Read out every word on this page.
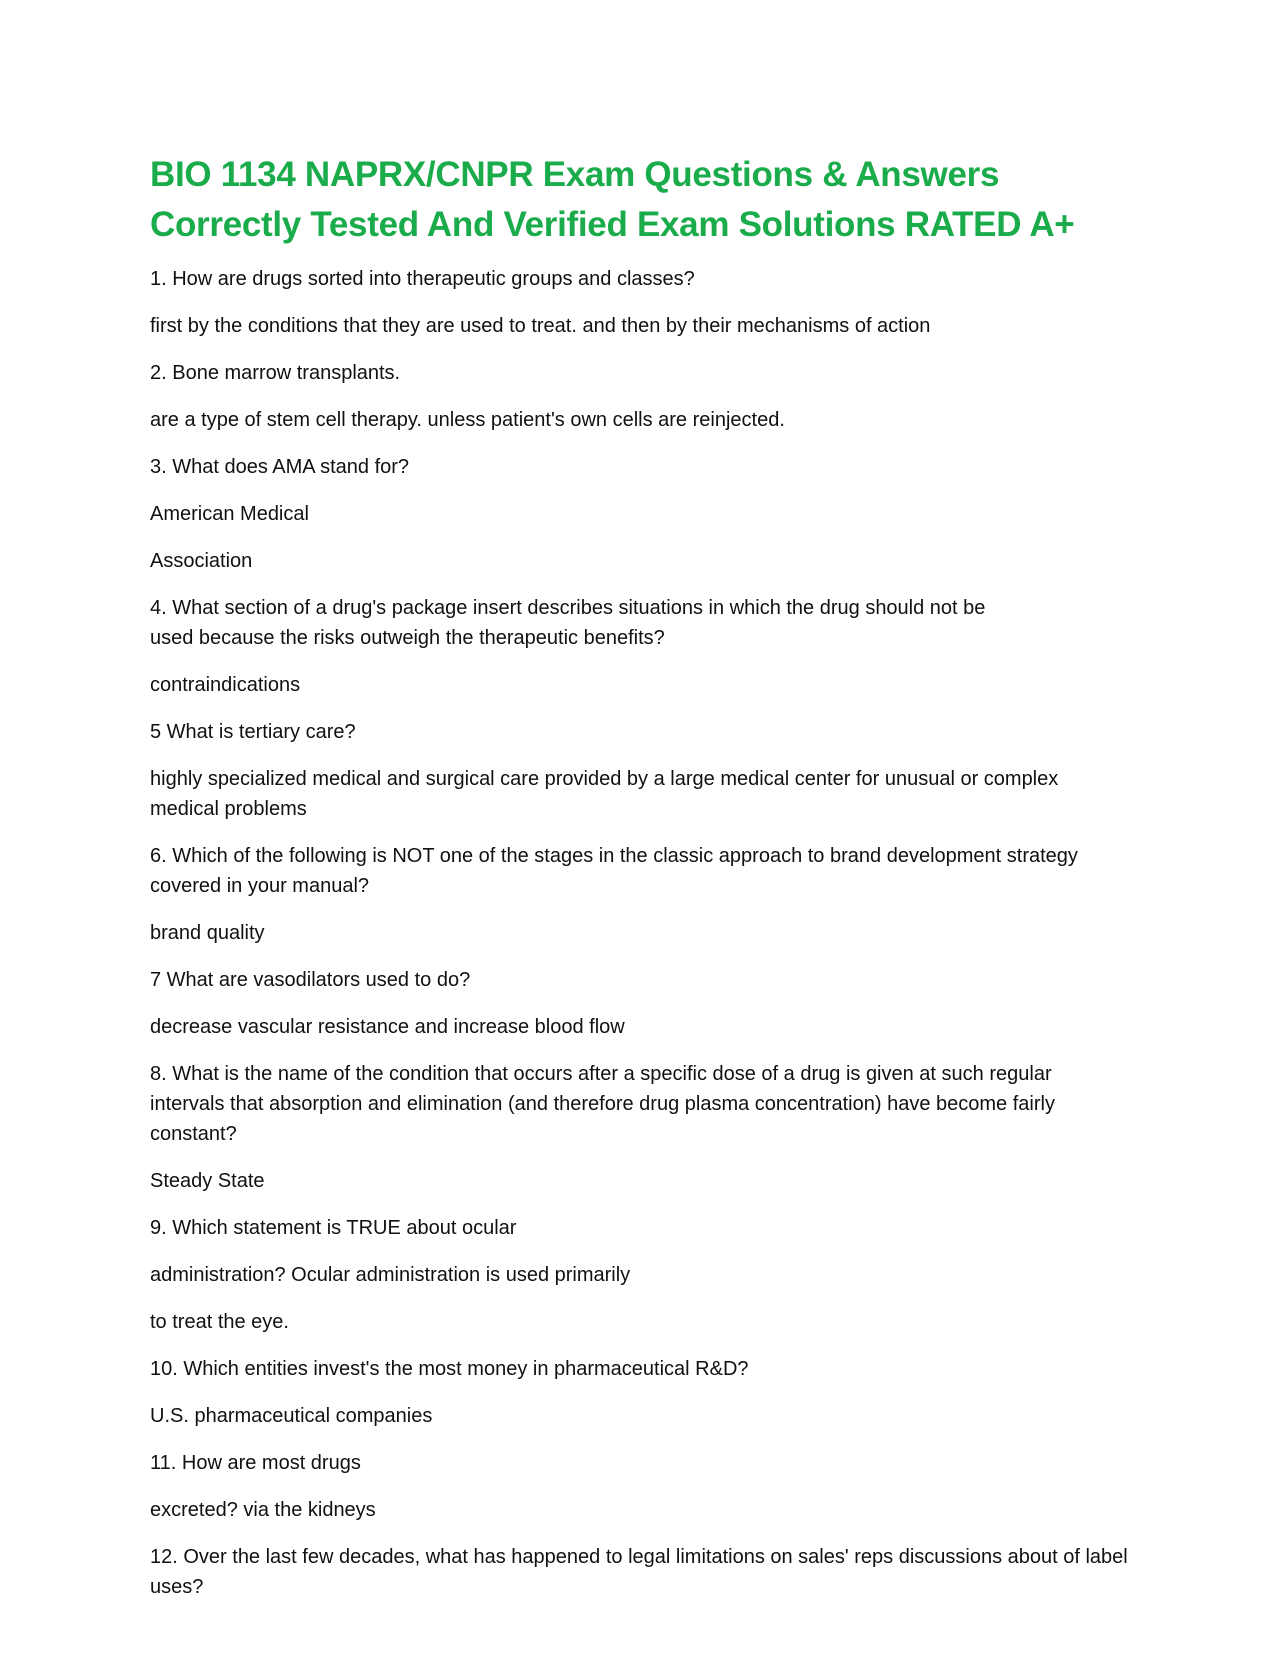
BIO 1134 NAPRX/CNPR Exam Questions & Answers
Correctly Tested And Verified Exam Solutions RATED A+

1. How are drugs sorted into therapeutic groups and classes?

first by the conditions that they are used to treat. and then by their mechanisms of action

2. Bone marrow transplants.

are a type of stem cell therapy. unless patient's own cells are reinjected.

3. What does AMA stand for?

American Medical

Association

4. What section of a drug's package insert describes situations in which the drug should not be used because the risks outweigh the therapeutic benefits?

contraindications

5 What is tertiary care?

highly specialized medical and surgical care provided by a large medical center for unusual or complex medical problems

6. Which of the following is NOT one of the stages in the classic approach to brand development strategy covered in your manual?

brand quality

7 What are vasodilators used to do?

decrease vascular resistance and increase blood flow

8. What is the name of the condition that occurs after a specific dose of a drug is given at such regular intervals that absorption and elimination (and therefore drug plasma concentration) have become fairly constant?

Steady State

9. Which statement is TRUE about ocular

administration? Ocular administration is used primarily

to treat the eye.

10. Which entities invest's the most money in pharmaceutical R&D?

U.S. pharmaceutical companies

11. How are most drugs

excreted? via the kidneys

12. Over the last few decades, what has happened to legal limitations on sales' reps discussions about of label uses?
